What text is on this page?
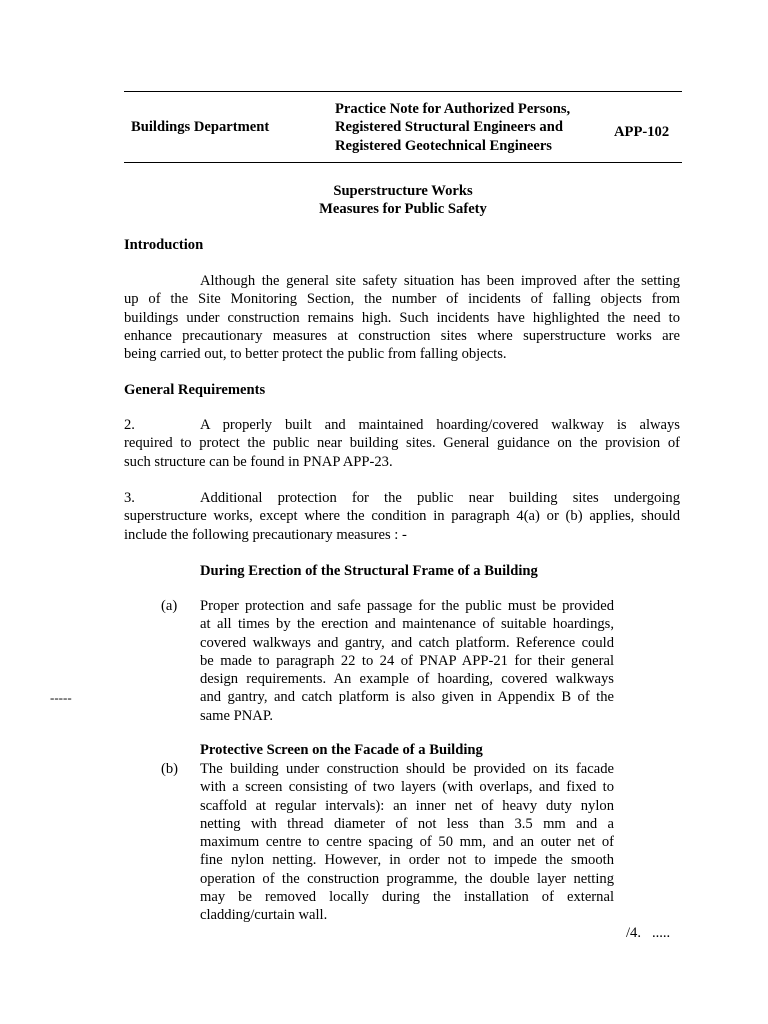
Buildings Department
Practice Note for Authorized Persons,
Registered Structural Engineers and
Registered Geotechnical Engineers
APP-102
Superstructure Works
Measures for Public Safety
Introduction
Although the general site safety situation has been improved after the setting
up of the Site Monitoring Section, the number of incidents of falling objects from
buildings under construction remains high. Such incidents have highlighted the need to
enhance precautionary measures at construction sites where superstructure works are
being carried out, to better protect the public from falling objects.
General Requirements
2.	A properly built and maintained hoarding/covered walkway is always
required to protect the public near building sites. General guidance on the provision of
such structure can be found in PNAP APP-23.
3.	Additional protection for the public near building sites undergoing
superstructure works, except where the condition in paragraph 4(a) or (b) applies, should
include the following precautionary measures : -
During Erection of the Structural Frame of a Building
(a) Proper protection and safe passage for the public must be provided
at all times by the erection and maintenance of suitable hoardings,
covered walkways and gantry, and catch platform. Reference could
be made to paragraph 22 to 24 of PNAP APP-21 for their general
design requirements. An example of hoarding, covered walkways
and gantry, and catch platform is also given in Appendix B of the
same PNAP.
-----
Protective Screen on the Facade of a Building
(b) The building under construction should be provided on its facade
with a screen consisting of two layers (with overlaps, and fixed to
scaffold at regular intervals): an inner net of heavy duty nylon
netting with thread diameter of not less than 3.5 mm and a
maximum centre to centre spacing of 50 mm, and an outer net of
fine nylon netting. However, in order not to impede the smooth
operation of the construction programme, the double layer netting
may be removed locally during the installation of external
cladding/curtain wall.
/4.   .....
